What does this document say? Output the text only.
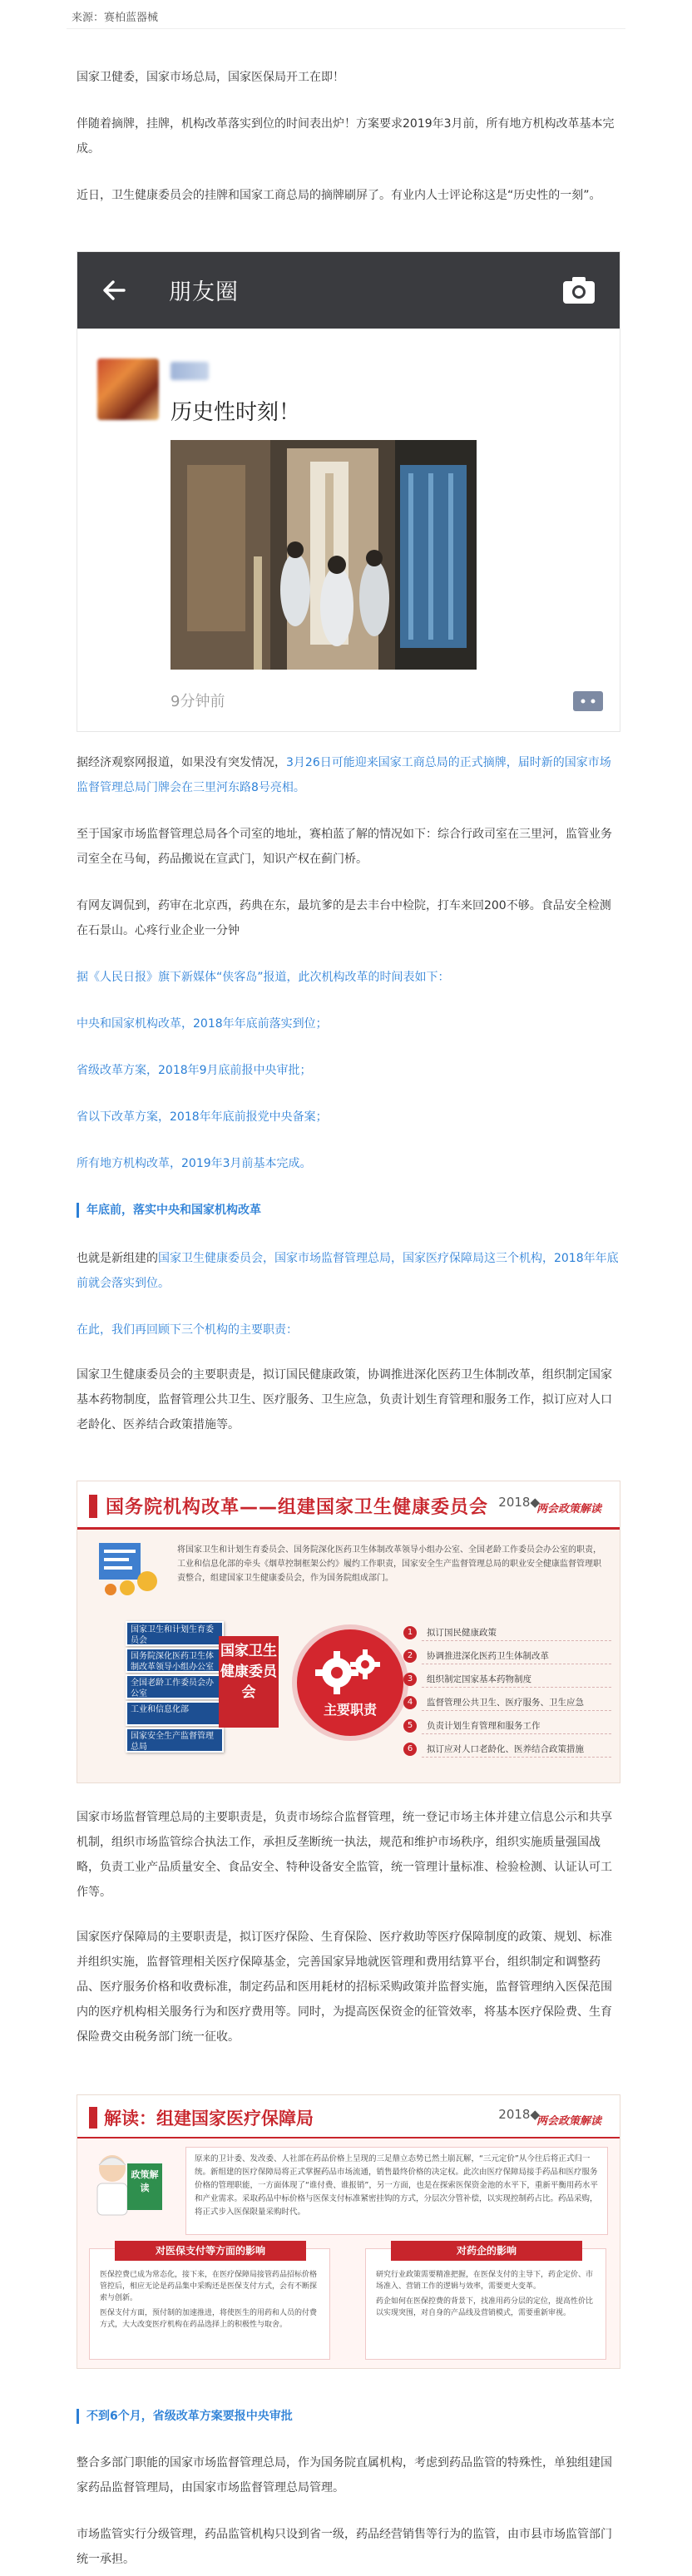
来源：赛柏蓝器械

国家卫健委，国家市场总局，国家医保局开工在即！

伴随着摘牌，挂牌，机构改革落实到位的时间表出炉！方案要求2019年3月前，所有地方机构改革基本完成。

近日，卫生健康委员会的挂牌和国家工商总局的摘牌刷屏了。有业内人士评论称这是“历史性的一刻”。

朋友圈
历史性时刻！
9分钟前

据经济观察网报道，如果没有突发情况，3月26日可能迎来国家工商总局的正式摘牌，届时新的国家市场监督管理总局门牌会在三里河东路8号亮相。

至于国家市场监督管理总局各个司室的地址，赛柏蓝了解的情况如下：综合行政司室在三里河，监管业务司室全在马甸，药品搬说在宣武门，知识产权在蓟门桥。

有网友调侃到，药审在北京西，药典在东，最坑爹的是去丰台中检院，打车来回200不够。食品安全检测在石景山。心疼行业企业一分钟

据《人民日报》旗下新媒体“侠客岛”报道，此次机构改革的时间表如下：

中央和国家机构改革，2018年年底前落实到位；

省级改革方案，2018年9月底前报中央审批；

省以下改革方案，2018年年底前报党中央备案；

所有地方机构改革，2019年3月前基本完成。

年底前，落实中央和国家机构改革

也就是新组建的国家卫生健康委员会，国家市场监督管理总局，国家医疗保障局这三个机构，2018年年底前就会落实到位。

在此，我们再回顾下三个机构的主要职责：

国家卫生健康委员会的主要职责是，拟订国民健康政策，协调推进深化医药卫生体制改革，组织制定国家基本药物制度，监督管理公共卫生、医疗服务、卫生应急，负责计划生育管理和服务工作，拟订应对人口老龄化、医养结合政策措施等。

国务院机构改革——组建国家卫生健康委员会 2018◆
两会政策解读
将国家卫生和计划生育委员会、国务院深化医药卫生体制改革领导小组办公室、全国老龄工作委员会办公室的职责，工业和信息化部的牵头《烟草控制框架公约》履约工作职责，国家安全生产监督管理总局的职业安全健康监督管理职责整合，组建国家卫生健康委员会，作为国务院组成部门。
国家卫生和计划生育委员会
国务院深化医药卫生体制改革领导小组办公室
全国老龄工作委员会办公室
工业和信息化部
国家安全生产监督管理总局
国家卫生健康委员会
主要职责
1	拟订国民健康政策
2	协调推进深化医药卫生体制改革
3	组织制定国家基本药物制度
4	监督管理公共卫生、医疗服务、卫生应急
5	负责计划生育管理和服务工作
6	拟订应对人口老龄化、医养结合政策措施

国家市场监督管理总局的主要职责是，负责市场综合监督管理，统一登记市场主体并建立信息公示和共享机制，组织市场监管综合执法工作，承担反垄断统一执法，规范和维护市场秩序，组织实施质量强国战略，负责工业产品质量安全、食品安全、特种设备安全监管，统一管理计量标准、检验检测、认证认可工作等。

国家医疗保障局的主要职责是，拟订医疗保险、生育保险、医疗救助等医疗保障制度的政策、规划、标准并组织实施，监督管理相关医疗保障基金，完善国家异地就医管理和费用结算平台，组织制定和调整药品、医疗服务价格和收费标准，制定药品和医用耗材的招标采购政策并监督实施，监督管理纳入医保范围内的医疗机构相关服务行为和医疗费用等。同时，为提高医保资金的征管效率，将基本医疗保险费、生育保险费交由税务部门统一征收。

解读：组建国家医疗保障局	2018◆
两会政策解读
政策解读
原来的卫计委、发改委、人社部在药品价格上呈现的三足鼎立态势已然土崩瓦解，“三元定价”从今往后将正式归一统。新组建的医疗保障局将正式掌握药品市场流通，销售最终价格的决定权。此次由医疗保障局接手药品和医疗服务价格的管理职能，一方面体现了“谁付费、谁报销”，另一方面，也是在探索医保资金池的水平下，重新平衡用药水平和产业需求。采取药品中标价格与医保支付标准紧密挂钩的方式，分层次分管补偿，以实现控制药占比。药品采购，将正式步入医保限量采购时代。
对医保支付等方面的影响
医保控费已成为常态化，接下来，在医疗保障局接管药品招标价格管控后，相应无论是药品集中采购还是医保支付方式，会有不断探索与创新。
医保支付方面，预付制的加速推进，将使医生的用药和人员的付费方式，大大改变医疗机构在药品选择上的积极性与取舍。
对药企的影响
研究行业政策需要精准把握，在医保支付的主导下，药企定价、市场准入、营销工作的逻辑与效率，需要更大变革。
药企如何在医保控费的背景下，找准用药分层的定位，提高性价比以实现突围，对自身的产品线及营销模式，需要重新审视。
不到6个月，省级改革方案要报中央审批

整合多部门职能的国家市场监督管理总局，作为国务院直属机构，考虑到药品监管的特殊性，单独组建国家药品监督管理局，由国家市场监督管理总局管理。

市场监管实行分级管理，药品监管机构只设到省一级，药品经营销售等行为的监管，由市县市场监管部门统一承担。
